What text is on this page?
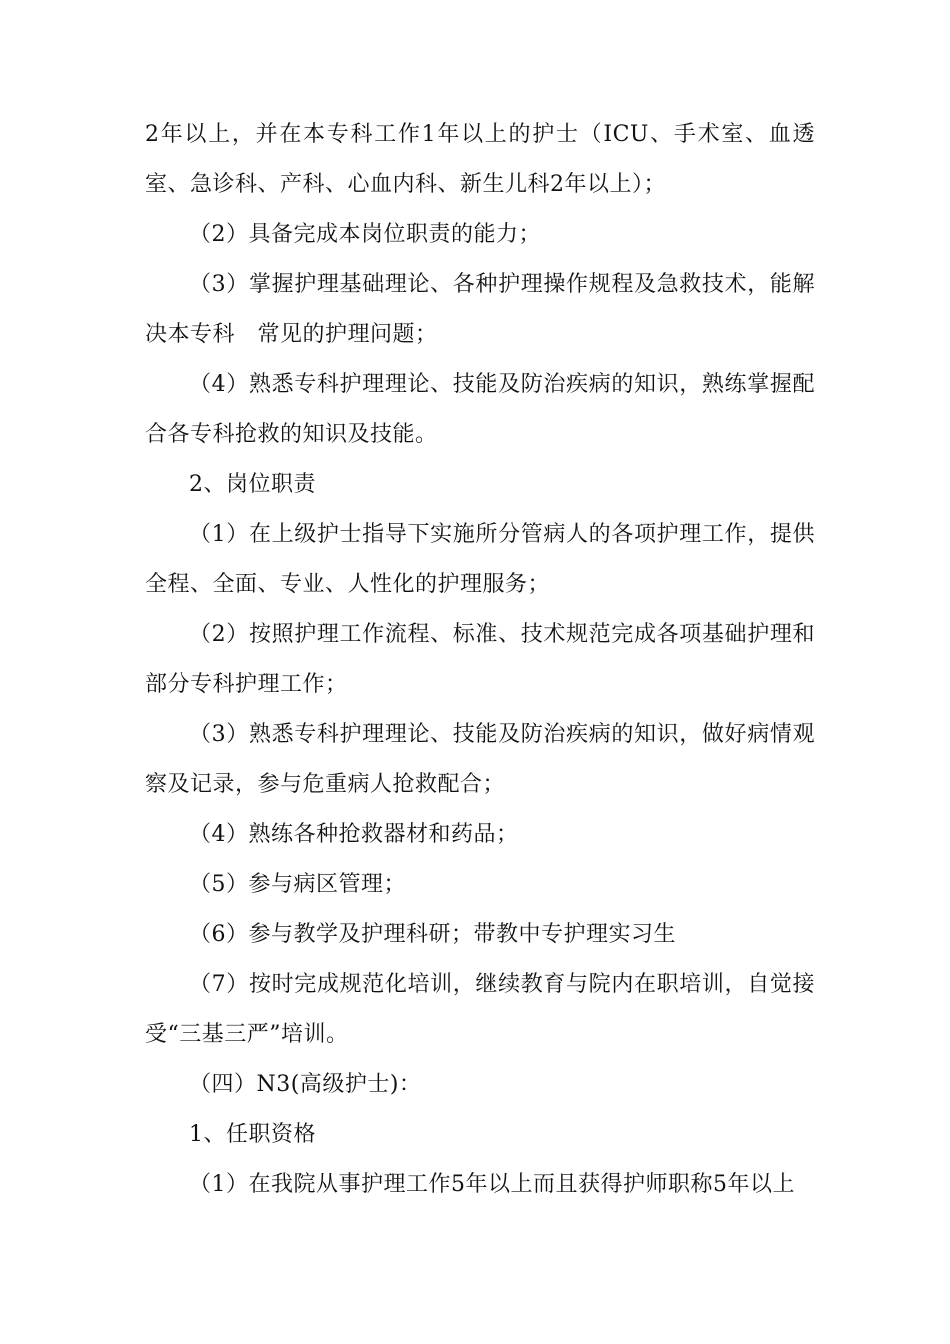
2年以上，并在本专科工作1年以上的护士（ICU、手术室、血透室、急诊科、产科、心血内科、新生儿科2年以上）；

（2）具备完成本岗位职责的能力；

（3）掌握护理基础理论、各种护理操作规程及急救技术，能解决本专科　常见的护理问题；

（4）熟悉专科护理理论、技能及防治疾病的知识，熟练掌握配合各专科抢救的知识及技能。

2、岗位职责

（1）在上级护士指导下实施所分管病人的各项护理工作，提供全程、全面、专业、人性化的护理服务；

（2）按照护理工作流程、标准、技术规范完成各项基础护理和部分专科护理工作；

（3）熟悉专科护理理论、技能及防治疾病的知识，做好病情观察及记录，参与危重病人抢救配合；

（4）熟练各种抢救器材和药品；

（5）参与病区管理；

（6）参与教学及护理科研；带教中专护理实习生

（7）按时完成规范化培训，继续教育与院内在职培训，自觉接受“三基三严”培训。

（四）N3(高级护士)：

1、任职资格

（1）在我院从事护理工作5年以上而且获得护师职称5年以上
